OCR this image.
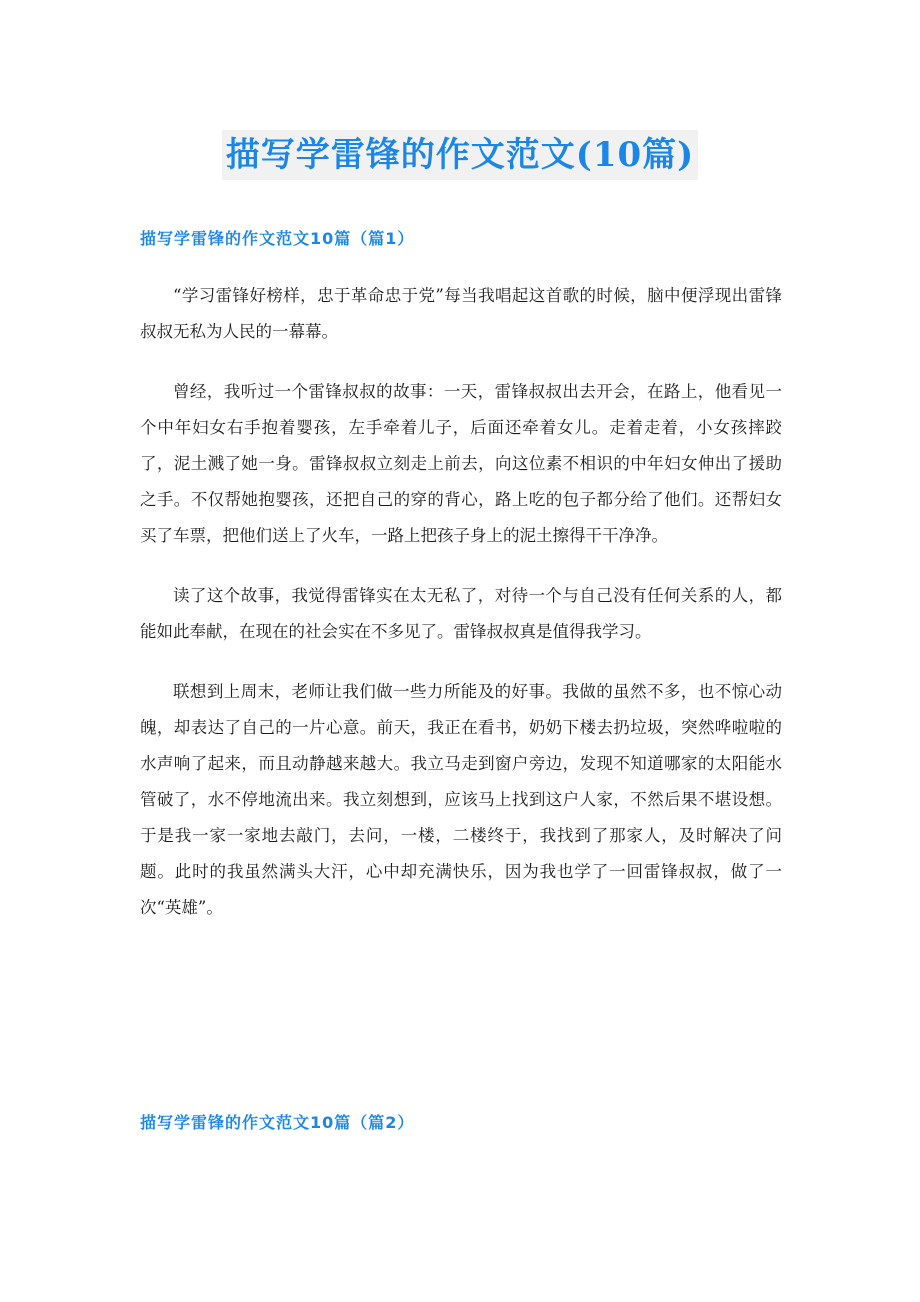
描写学雷锋的作文范文(10篇)
描写学雷锋的作文范文10篇（篇1）

“学习雷锋好榜样，忠于革命忠于党”每当我唱起这首歌的时候，脑中便浮现出雷锋叔叔无私为人民的一幕幕。

曾经，我听过一个雷锋叔叔的故事：一天，雷锋叔叔出去开会，在路上，他看见一个中年妇女右手抱着婴孩，左手牵着儿子，后面还牵着女儿。走着走着，小女孩摔跤了，泥土溅了她一身。雷锋叔叔立刻走上前去，向这位素不相识的中年妇女伸出了援助之手。不仅帮她抱婴孩，还把自己的穿的背心，路上吃的包子都分给了他们。还帮妇女买了车票，把他们送上了火车，一路上把孩子身上的泥土擦得干干净净。

读了这个故事，我觉得雷锋实在太无私了，对待一个与自己没有任何关系的人，都能如此奉献，在现在的社会实在不多见了。雷锋叔叔真是值得我学习。

联想到上周末，老师让我们做一些力所能及的好事。我做的虽然不多，也不惊心动魄，却表达了自己的一片心意。前天，我正在看书，奶奶下楼去扔垃圾，突然哗啦啦的水声响了起来，而且动静越来越大。我立马走到窗户旁边，发现不知道哪家的太阳能水管破了，水不停地流出来。我立刻想到，应该马上找到这户人家，不然后果不堪设想。于是我一家一家地去敲门，去问，一楼，二楼终于，我找到了那家人，及时解决了问题。此时的我虽然满头大汗，心中却充满快乐，因为我也学了一回雷锋叔叔，做了一次“英雄”。

描写学雷锋的作文范文10篇（篇2）
